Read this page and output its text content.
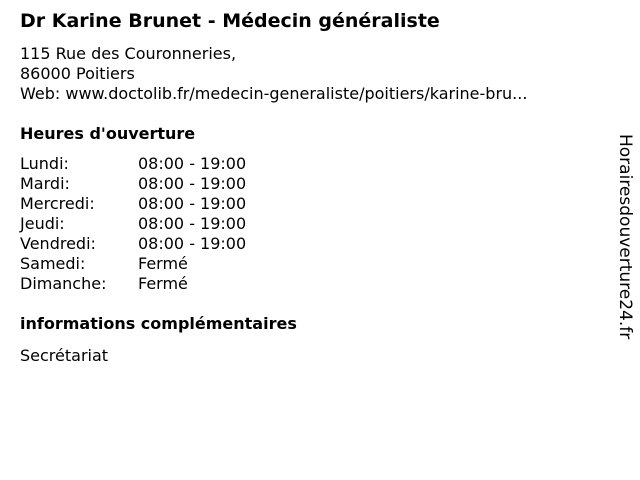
Dr Karine Brunet - Médecin généraliste
115 Rue des Couronneries,
86000 Poitiers
Web: www.doctolib.fr/medecin-generaliste/poitiers/karine-bru...
Heures d'ouverture
Lundi:	08:00 - 19:00
Mardi:	08:00 - 19:00
Mercredi:	08:00 - 19:00
Jeudi:	08:00 - 19:00
Vendredi:	08:00 - 19:00
Samedi:	Fermé
Dimanche:	Fermé
informations complémentaires
Secrétariat
Horairesdouverture24.fr
